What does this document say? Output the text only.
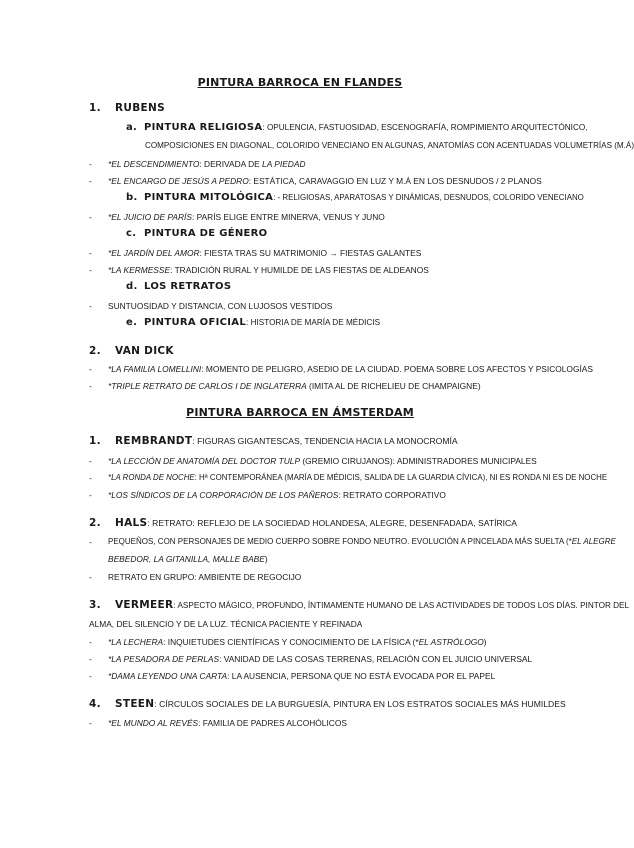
PINTURA BARROCA EN FLANDES
1. RUBENS
a. PINTURA RELIGIOSA: OPULENCIA, FASTUOSIDAD, ESCENOGRAFÍA, ROMPIMIENTO ARQUITECTÓNICO,
COMPOSICIONES EN DIAGONAL, COLORIDO VENECIANO EN ALGUNAS, ANATOMÍAS CON ACENTUADAS VOLUMETRÍAS (M.Á)
- *EL DESCENDIMIENTO: DERIVADA DE LA PIEDAD
- *EL ENCARGO DE JESÚS A PEDRO: ESTÁTICA, CARAVAGGIO EN LUZ Y M.Á EN LOS DESNUDOS / 2 PLANOS
b. PINTURA MITOLÓGICA: - RELIGIOSAS, APARATOSAS Y DINÁMICAS, DESNUDOS, COLORIDO VENECIANO
- *EL JUICIO DE PARÍS: PARÍS ELIGE ENTRE MINERVA, VENUS Y JUNO
c. PINTURA DE GÉNERO
- *EL JARDÍN DEL AMOR: FIESTA TRAS SU MATRIMONIO → FIESTAS GALANTES
- *LA KERMESSE: TRADICIÓN RURAL Y HUMILDE DE LAS FIESTAS DE ALDEANOS
d. LOS RETRATOS
- SUNTUOSIDAD Y DISTANCIA, CON LUJOSOS VESTIDOS
e. PINTURA OFICIAL: HISTORIA DE MARÍA DE MÉDICIS
2. VAN DICK
- *LA FAMILIA LOMELLINI: MOMENTO DE PELIGRO, ASEDIO DE LA CIUDAD. POEMA SOBRE LOS AFECTOS Y PSICOLOGÍAS
- *TRIPLE RETRATO DE CARLOS I DE INGLATERRA (IMITA AL DE RICHELIEU DE CHAMPAIGNE)
PINTURA BARROCA EN ÁMSTERDAM
1. REMBRANDT: FIGURAS GIGANTESCAS, TENDENCIA HACIA LA MONOCROMÍA
- *LA LECCIÓN DE ANATOMÍA DEL DOCTOR TULP (GREMIO CIRUJANOS): ADMINISTRADORES MUNICIPALES
- *LA RONDA DE NOCHE: Hª CONTEMPORÁNEA (MARÍA DE MÉDICIS, SALIDA DE LA GUARDIA CÍVICA), NI ES RONDA NI ES DE NOCHE
- *LOS SÍNDICOS DE LA CORPORACIÓN DE LOS PAÑEROS: RETRATO CORPORATIVO
2. HALS: RETRATO: REFLEJO DE LA SOCIEDAD HOLANDESA, ALEGRE, DESENFADADA, SATÍRICA
- PEQUEÑOS, CON PERSONAJES DE MEDIO CUERPO SOBRE FONDO NEUTRO. EVOLUCIÓN A PINCELADA MÁS SUELTA (*EL ALEGRE
BEBEDOR, LA GITANILLA, MALLE BABE)
- RETRATO EN GRUPO: AMBIENTE DE REGOCIJO
3. VERMEER: ASPECTO MÁGICO, PROFUNDO, ÍNTIMAMENTE HUMANO DE LAS ACTIVIDADES DE TODOS LOS DÍAS. PINTOR DEL
ALMA, DEL SILENCIO Y DE LA LUZ. TÉCNICA PACIENTE Y REFINADA
- *LA LECHERA: INQUIETUDES CIENTÍFICAS Y CONOCIMIENTO DE LA FÍSICA (*EL ASTRÓLOGO)
- *LA PESADORA DE PERLAS: VANIDAD DE LAS COSAS TERRENAS, RELACIÓN CON EL JUICIO UNIVERSAL
- *DAMA LEYENDO UNA CARTA: LA AUSENCIA, PERSONA QUE NO ESTÁ EVOCADA POR EL PAPEL
4. STEEN: CÍRCULOS SOCIALES DE LA BURGUESÍA, PINTURA EN LOS ESTRATOS SOCIALES MÁS HUMILDES
- *EL MUNDO AL REVÉS: FAMILIA DE PADRES ALCOHÓLICOS
